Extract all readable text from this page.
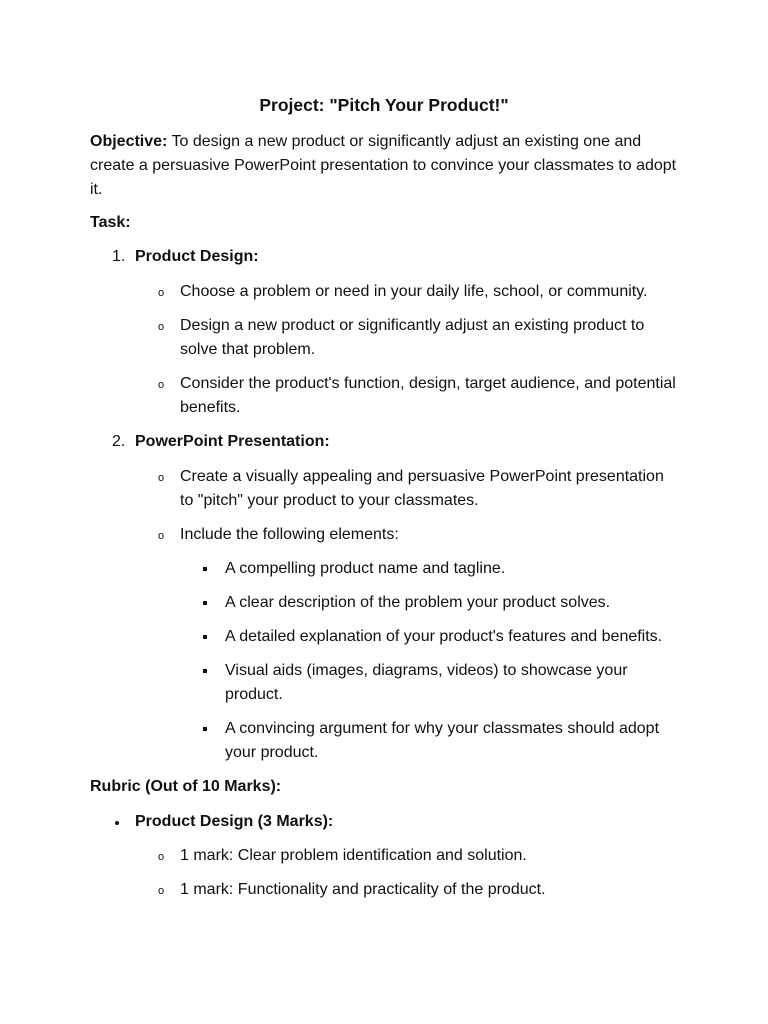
Project: "Pitch Your Product!"
Objective: To design a new product or significantly adjust an existing one and create a persuasive PowerPoint presentation to convince your classmates to adopt it.
Task:
1. Product Design:
o Choose a problem or need in your daily life, school, or community.
o Design a new product or significantly adjust an existing product to solve that problem.
o Consider the product's function, design, target audience, and potential benefits.
2. PowerPoint Presentation:
o Create a visually appealing and persuasive PowerPoint presentation to "pitch" your product to your classmates.
o Include the following elements:
A compelling product name and tagline.
A clear description of the problem your product solves.
A detailed explanation of your product's features and benefits.
Visual aids (images, diagrams, videos) to showcase your product.
A convincing argument for why your classmates should adopt your product.
Rubric (Out of 10 Marks):
Product Design (3 Marks):
o 1 mark: Clear problem identification and solution.
o 1 mark: Functionality and practicality of the product.
